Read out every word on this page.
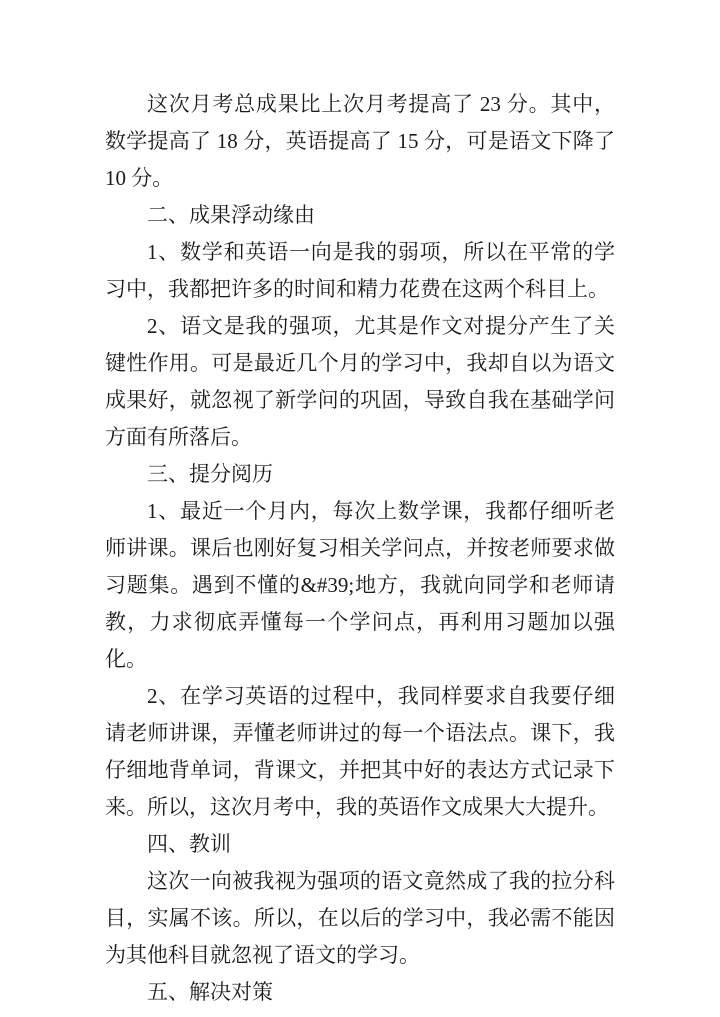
这次月考总成果比上次月考提高了 23 分。其中，数学提高了 18 分，英语提高了 15 分，可是语文下降了 10 分。

二、成果浮动缘由

1、数学和英语一向是我的弱项，所以在平常的学习中，我都把许多的时间和精力花费在这两个科目上。

2、语文是我的强项，尤其是作文对提分产生了关键性作用。可是最近几个月的学习中，我却自以为语文成果好，就忽视了新学问的巩固，导致自我在基础学问方面有所落后。

三、提分阅历

1、最近一个月内，每次上数学课，我都仔细听老师讲课。课后也刚好复习相关学问点，并按老师要求做习题集。遇到不懂的&#39;地方，我就向同学和老师请教，力求彻底弄懂每一个学问点，再利用习题加以强化。

2、在学习英语的过程中，我同样要求自我要仔细请老师讲课，弄懂老师讲过的每一个语法点。课下，我仔细地背单词，背课文，并把其中好的表达方式记录下来。所以，这次月考中，我的英语作文成果大大提升。

四、教训

这次一向被我视为强项的语文竟然成了我的拉分科目，实属不该。所以，在以后的学习中，我必需不能因为其他科目就忽视了语文的学习。

五、解决对策
